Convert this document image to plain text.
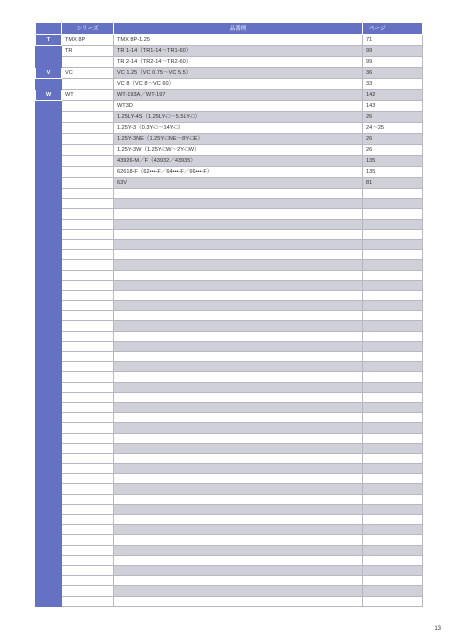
	シリーズ	品番例	ページ
T	TMX 8P	TMX 8P-1.25	71
	TR	TR 1-14（TR1-14〜TR1-60）	99
		TR 2-14（TR2-14〜TR2-60）	99
V	VC	VC 1.25（VC 0.75〜VC 5.5）	36
		VC 8（VC 8〜VC 60）	33
W	WT	WT-193A／WT-197	142
		WT3D	143
		1.25LY-4S（1.25LY-□〜5.5LY-□）	26
		1.25Y-3（0.3Y-□〜14Y-□）	24〜25
		1.25Y-3NE（1.25Y-□NE〜8Y-□E）	26
		1.25Y-3W（1.25Y-□W〜2Y-□W）	26
		43926-M／F（43932／43935）	135
		62618-F（62•••-F／64•••-F／66•••-F）	135
		63V	81

13
